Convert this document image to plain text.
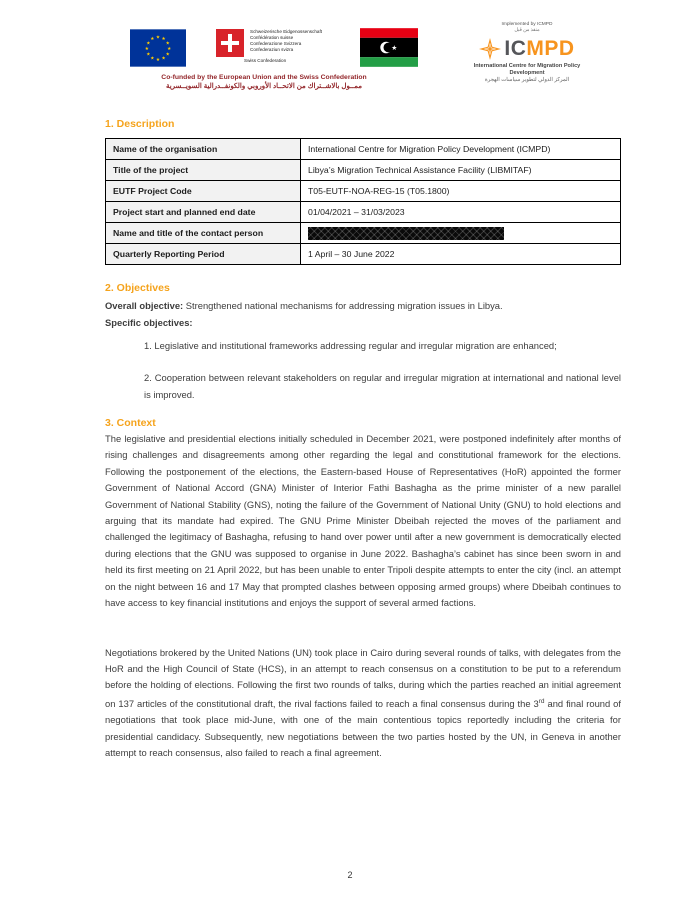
★ ★
★
★
★
★
★
★
★
★
★
★
Schweizerische Eidgenossenschaft
Confédération suisse
Confederazione Svizzera
Confederaziun svizra
Swiss Confederation
★
Implemented by ICMPD
منفذ من قبل
ICMPD
International Centre for Migration Policy Development
المركز الدولي لتطوير سياسات الهجرة
Co-funded by the European Union and the Swiss Confederation
ممــول بالاشــتراك من الاتحــاد الأوروبي والكونفــدرالية السويــسرية
1. Description
Name of the organisation	International Centre for Migration Policy Development (ICMPD)
Title of the project	Libya’s Migration Technical Assistance Facility (LIBMITAF)
EUTF Project Code	T05-EUTF-NOA-REG-15 (T05.1800)
Project start and planned end date	01/04/2021 – 31/03/2023
Name and title of the contact person	

Quarterly Reporting Period	1 April – 30 June 2022
2. Objectives

Overall objective: Strengthened national mechanisms for addressing migration issues in Libya.

Specific objectives:

1. Legislative and institutional frameworks addressing regular and irregular migration are enhanced;

2. Cooperation between relevant stakeholders on regular and irregular migration at international and national level is improved.

3. Context

The legislative and presidential elections initially scheduled in December 2021, were postponed indefinitely after months of rising challenges and disagreements among other regarding the legal and constitutional framework for the elections. Following the postponement of the elections, the Eastern-based House of Representatives (HoR) appointed the former Government of National Accord (GNA) Minister of Interior Fathi Bashagha as the prime minister of a new parallel Government of National Stability (GNS), noting the failure of the Government of National Unity (GNU) to hold elections and arguing that its mandate had expired. The GNU Prime Minister Dbeibah rejected the moves of the parliament and challenged the legitimacy of Bashagha, refusing to hand over power until after a new government is democratically elected during elections that the GNU was supposed to organise in June 2022. Bashagha’s cabinet has since been sworn in and held its first meeting on 21 April 2022, but has been unable to enter Tripoli despite attempts to enter the city (incl. an attempt on the night between 16 and 17 May that prompted clashes between opposing armed groups) where Dbeibah continues to have access to key financial institutions and enjoys the support of several armed factions.

Negotiations brokered by the United Nations (UN) took place in Cairo during several rounds of talks, with delegates from the HoR and the High Council of State (HCS), in an attempt to reach consensus on a constitution to be put to a referendum before the holding of elections. Following the first two rounds of talks, during which the parties reached an initial agreement on 137 articles of the constitutional draft, the rival factions failed to reach a final consensus during the 3rd and final round of negotiations that took place mid-June, with one of the main contentious topics reportedly including the criteria for presidential candidacy. Subsequently, new negotiations between the two parties hosted by the UN, in Geneva in another attempt to reach consensus, also failed to reach a final agreement.

2
